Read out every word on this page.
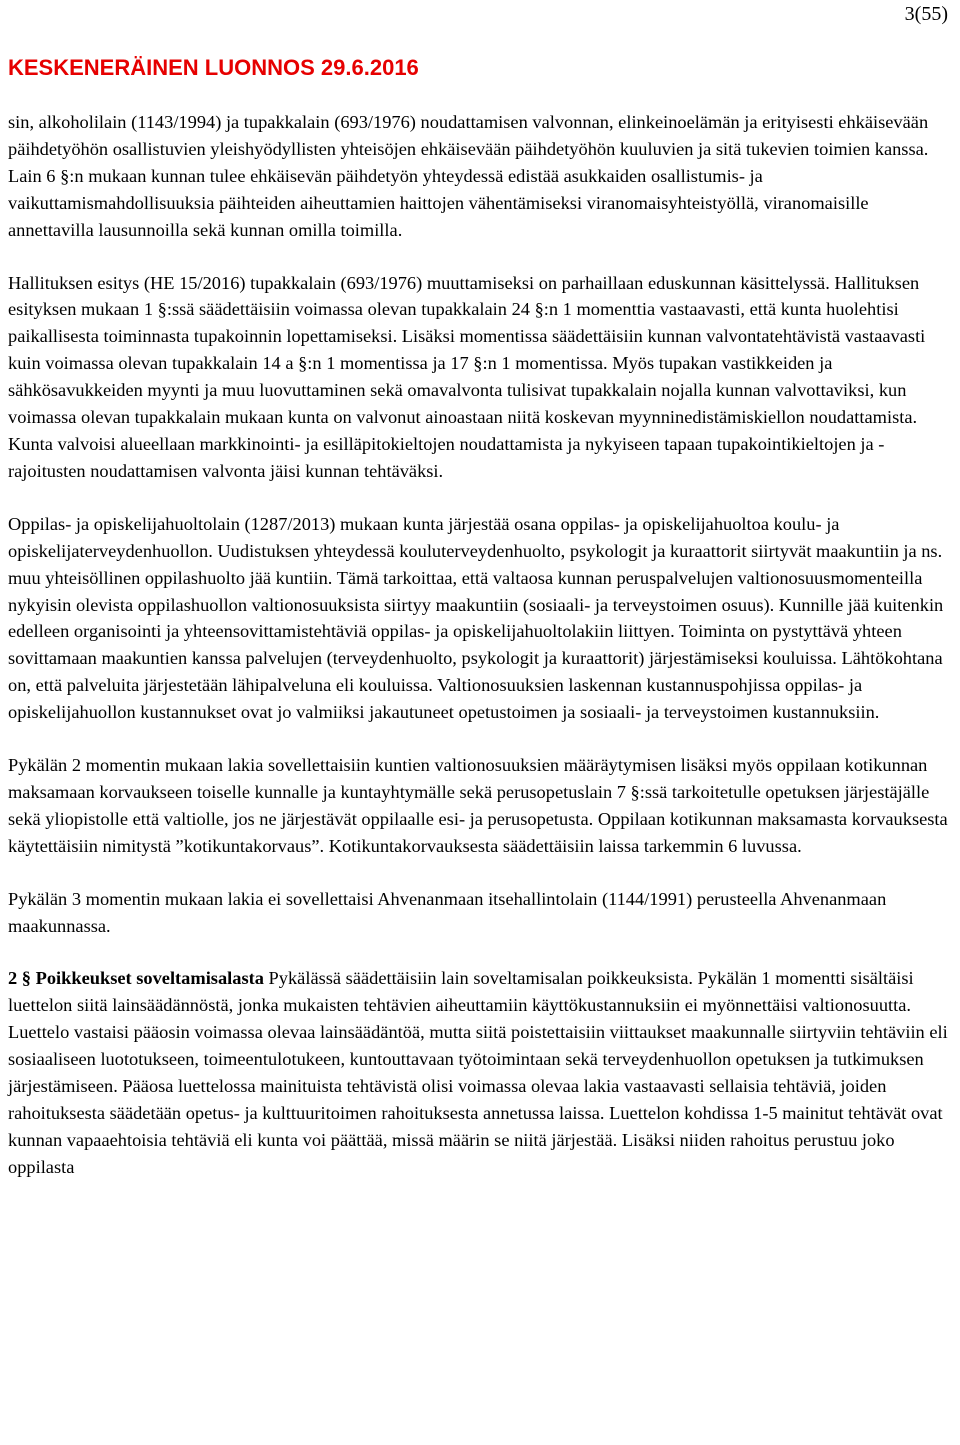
3(55)
KESKENERÄINEN LUONNOS 29.6.2016

sin, alkoholilain (1143/1994) ja tupakkalain (693/1976) noudattamisen valvonnan, elinkeinoelämän ja erityisesti ehkäisevään päihdetyöhön osallistuvien yleishyödyllisten yhteisöjen ehkäisevään päihdetyöhön kuuluvien ja sitä tukevien toimien kanssa. Lain 6 §:n mukaan kunnan tulee ehkäisevän päihdetyön yhteydessä edistää asukkaiden osallistumis- ja vaikuttamismahdollisuuksia päihteiden aiheuttamien haittojen vähentämiseksi viranomaisyhteistyöllä, viranomaisille annettavilla lausunnoilla sekä kunnan omilla toimilla.

Hallituksen esitys (HE 15/2016) tupakkalain (693/1976) muuttamiseksi on parhaillaan eduskunnan käsittelyssä. Hallituksen esityksen mukaan 1 §:ssä säädettäisiin voimassa olevan tupakkalain 24 §:n 1 momenttia vastaavasti, että kunta huolehtisi paikallisesta toiminnasta tupakoinnin lopettamiseksi. Lisäksi momentissa säädettäisiin kunnan valvontatehtävistä vastaavasti kuin voimassa olevan tupakkalain 14 a §:n 1 momentissa ja 17 §:n 1 momentissa. Myös tupakan vastikkeiden ja sähkösavukkeiden myynti ja muu luovuttaminen sekä omavalvonta tulisivat tupakkalain nojalla kunnan valvottaviksi, kun voimassa olevan tupakkalain mukaan kunta on valvonut ainoastaan niitä koskevan myynninedistämiskiellon noudattamista. Kunta valvoisi alueellaan markkinointi- ja esilläpitokieltojen noudattamista ja nykyiseen tapaan tupakointikieltojen ja -rajoitusten noudattamisen valvonta jäisi kunnan tehtäväksi.

Oppilas- ja opiskelijahuoltolain (1287/2013) mukaan kunta järjestää osana oppilas- ja opiskelijahuoltoa koulu- ja opiskelijaterveydenhuollon. Uudistuksen yhteydessä kouluterveydenhuolto, psykologit ja kuraattorit siirtyvät maakuntiin ja ns. muu yhteisöllinen oppilashuolto jää kuntiin. Tämä tarkoittaa, että valtaosa kunnan peruspalvelujen valtionosuusmomenteilla nykyisin olevista oppilashuollon valtionosuuksista siirtyy maakuntiin (sosiaali- ja terveystoimen osuus). Kunnille jää kuitenkin edelleen organisointi ja yhteensovittamistehtäviä oppilas- ja opiskelijahuoltolakiin liittyen. Toiminta on pystyttävä yhteen sovittamaan maakuntien kanssa palvelujen (terveydenhuolto, psykologit ja kuraattorit) järjestämiseksi kouluissa. Lähtökohtana on, että palveluita järjestetään lähipalveluna eli kouluissa. Valtionosuuksien laskennan kustannuspohjissa oppilas- ja opiskelijahuollon kustannukset ovat jo valmiiksi jakautuneet opetustoimen ja sosiaali- ja terveystoimen kustannuksiin.

Pykälän 2 momentin mukaan lakia sovellettaisiin kuntien valtionosuuksien määräytymisen lisäksi myös oppilaan kotikunnan maksamaan korvaukseen toiselle kunnalle ja kuntayhtymälle sekä perusopetuslain 7 §:ssä tarkoitetulle opetuksen järjestäjälle sekä yliopistolle että valtiolle, jos ne järjestävät oppilaalle esi- ja perusopetusta. Oppilaan kotikunnan maksamasta korvauksesta käytettäisiin nimitystä ”kotikuntakorvaus”. Kotikuntakorvauksesta säädettäisiin laissa tarkemmin 6 luvussa.

Pykälän 3 momentin mukaan lakia ei sovellettaisi Ahvenanmaan itsehallintolain (1144/1991) perusteella Ahvenanmaan maakunnassa.

2 § Poikkeukset soveltamisalasta Pykälässä säädettäisiin lain soveltamisalan poikkeuksista. Pykälän 1 momentti sisältäisi luettelon siitä lainsäädännöstä, jonka mukaisten tehtävien aiheuttamiin käyttökustannuksiin ei myönnettäisi valtionosuutta. Luettelo vastaisi pääosin voimassa olevaa lainsäädäntöä, mutta siitä poistettaisiin viittaukset maakunnalle siirtyviin tehtäviin eli sosiaaliseen luototukseen, toimeentulotukeen, kuntouttavaan työtoimintaan sekä terveydenhuollon opetuksen ja tutkimuksen järjestämiseen. Pääosa luettelossa mainituista tehtävistä olisi voimassa olevaa lakia vastaavasti sellaisia tehtäviä, joiden rahoituksesta säädetään opetus- ja kulttuuritoimen rahoituksesta annetussa laissa. Luettelon kohdissa 1-5 mainitut tehtävät ovat kunnan vapaaehtoisia tehtäviä eli kunta voi päättää, missä määrin se niitä järjestää. Lisäksi niiden rahoitus perustuu joko oppilasta
